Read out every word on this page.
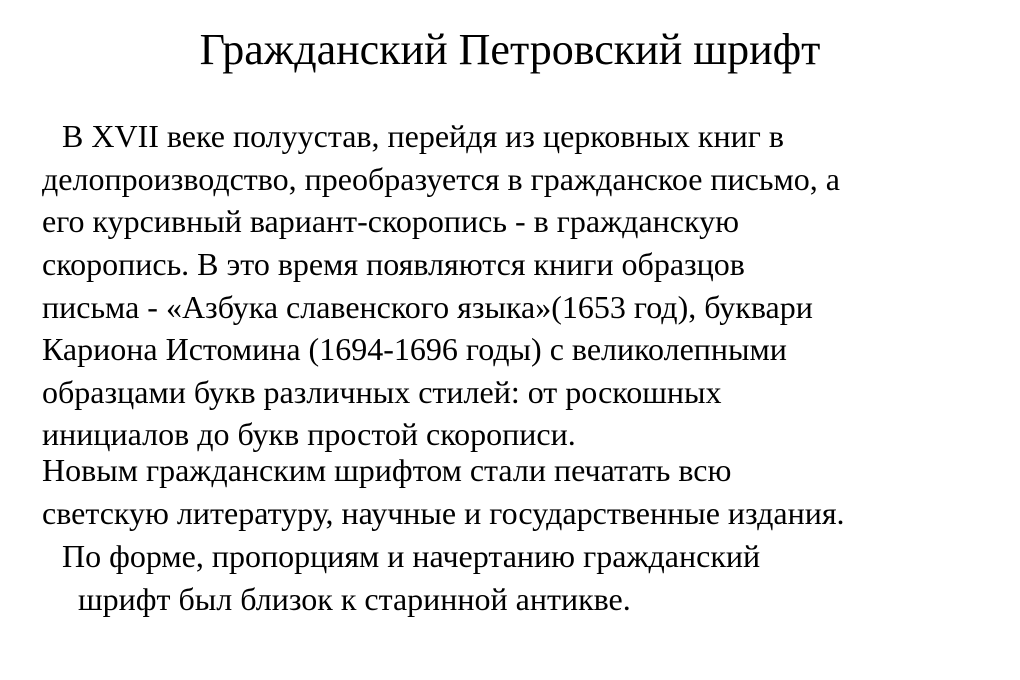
Гражданский Петровский шрифт
В XVII веке полуустав, перейдя из церковных книг в
делопроизводство, преобразуется в гражданское письмо, а
его курсивный вариант-скоропись - в гражданскую
скоропись. В это время появляются книги образцов
письма - «Азбука славенского языка»(1653 год), буквари
Кариона Истомина (1694-1696 годы) с великолепными
образцами букв различных стилей: от роскошных
инициалов до букв простой скорописи.
Новым гражданским шрифтом стали печатать всю
светскую литературу, научные и государственные издания.
По форме, пропорциям и начертанию гражданский
шрифт был близок к старинной антикве.
